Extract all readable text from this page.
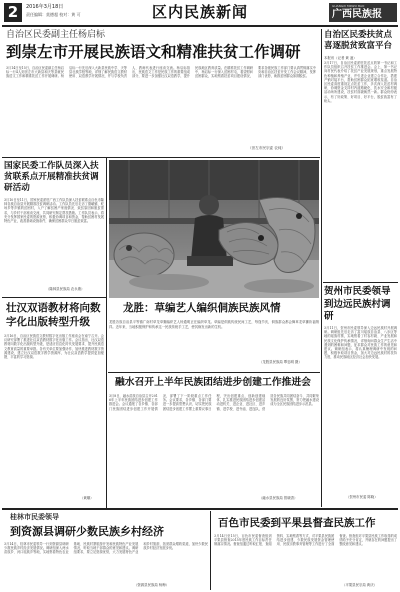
2	2016年3月18日
责任编辑：莫德超 校对：黄 可	区内民族新闻	GUANGXI MINZU BAO
广西民族报
自治区民委副主任杨启标
到崇左市开展民族语文和精准扶贫工作调研
3月14日至15日，自治区民委副主任杨启标一行4人到崇左市大新县和天等县就民族语文工作和精准扶贫工作开展调研。杨启标一行先后深入大新县民族中学、天等县壮族学校等地，详细了解民族语文教材使用、双语教学开展情况，并与学校负责人、教师代表进行座谈交流。杨启标指出，民族语文工作是民族工作的重要组成部分，要进一步加强壮汉双语教学，提升民族地区教育质量。在精准扶贫工作调研中，杨启标一行深入贫困村屯，看望慰问贫困群众，实地察看扶贫项目建设情况，要求各级民族工作部门要认真贯彻落实中央和自治区扶贫开发工作会议精神，发挥部门优势，助推贫困群众如期脱贫。
（崇左市民宗委 农纯）
自治区民委扶贫点喜逐脱贫致富平台
本报讯（记者 黄 凌）
3月17日，自治区民委派驻扶贫点的第一书记和工作队员组织召开扶贫工作推进会。会上，第一书记向村民代表介绍了扶贫产业发展规划，重点发展特色种植和养殖产业，并引进企业建立合作社，搭建产销对接平台，帮助贫困群众拓宽增收渠道。自治区民委高度重视定点扶贫工作，多次深入扶贫村调研，协调资金支持村内道路硬化、饮水安全和村级活动场所建设，扶贫村面貌焕然一新。群众纷纷表示，有了好政策、好项目、好平台，脱贫致富有了盼头。
贺州市民委领导到边远民族村调研
3月11日，贺州市民委领导深入边远民族村开展调研。调研组先后走访了富川瑶族自治县、八步区等地的瑶族村寨，实地察看了村容村貌、产业发展和民族文化保护传承情况，详细询问群众生产生活中遇到的困难和问题，征求群众对民族工作的意见和建议。调研组表示，将认真梳理调研中发现的问题，积极争取项目资金，加大对边远民族村的扶持力度，推动民族地区经济社会加快发展。
（贺州市民委 陈晓）
国家民委工作队员深入扶贫联系点开展精准扶贫调研活动
3月10日至11日，国家民委派驻广西工作队员深入扶贫联系点百色市隆林各族自治县开展精准扶贫调研活动。工作队员先后走访了德峨镇、蛇场乡等乡镇的贫困村，入户了解贫困户家庭情况、致贫原因和脱贫需求，与乡村干部座谈交流，共同研究制定帮扶措施。工作队员表示，将充分发挥国家民委的资源优势，积极协调项目和资金，帮助贫困村发展特色产业，改善基础设施条件，确保贫困群众早日脱贫致富。
（隆林县民族局 农永康）
壮汉双语教材将向数字化出版转型升级
3月16日，自治区民族语文教材数字化出版工作座谈会在南宁召开。会议研究部署了推进壮汉双语教材数字化出版工作。会议指出，壮汉双语教材向数字化出版转型升级，是适应信息化时代发展要求、提升民族语文教育质量的重要举措。各有关单位要加强协作，加快推进教材数字资源建设，建立壮汉双语数字教学资源库，为壮汉双语教学提供更加便捷、丰富的学习资源。
（黄顺）
龙胜：草编艺人编织侗族民族风情
龙胜各族自治县平等镇广南村草龙草狮编织艺人杨通明正在编织草龙。草编是侗族传统民间工艺，每逢节庆，侗族群众都会舞草龙草狮祈福纳祥。近年来，当地积极保护和传承这一民族传统手工艺，使其焕发出新的生机。
（龙胜县民族局 覃忠明 摄）
融水召开上半年民族团结进步创建工作推进会
3月8日，融水苗族自治县召开2016年上半年民族团结进步创建工作推进会。会议通报了各乡镇、各部门民族团结进步创建工作开展情况，部署了下一阶段重点工作任务。会议要求，各乡镇、各部门要进一步提高思想认识，切实把民族团结进步创建工作摆上重要议事日程，突出创建重点，创新创建载体，扎实推进民族团结进步创建活动进机关、进企业、进社区、进乡镇、进学校、进寺庙、进连队，营造各民族共同团结奋斗、共同繁荣发展的良好氛围，努力把融水建设成为全区民族团结进步示范县。
（融水县民族局 曾晓香）
桂林市民委领导
到资源县调研少数民族乡村经济
3月14日，桂林市民委领导一行到资源县调研少数民族乡村经济发展情况。调研组深入两水苗族乡、河口瑶族乡等地，实地察看特色农业基地、民族村寨旅游开发和民族特色产业发展情况，听取当地干部群众的意见和建议。调研组要求，要立足资源优势，大力发展特色产业和乡村旅游，拓宽群众增收渠道，加快少数民族乡村经济发展步伐。
（资源县民族局 杨梅）
百色市民委到平果县督查民族工作
3月14日至15日，百色市民委督查组到平果县督查2015年度民族工作目标责任制落实情况。督查组通过听取汇报、查阅资料、实地察看等方式，对平果县民族团结进步创建、少数民族发展资金管理使用、民族宗教事务管理等工作进行了全面督查。督查组对平果县民族工作取得的成绩给予充分肯定，并就存在的问题提出了整改意见和建议。
（平果县民宗局 黄庆）
